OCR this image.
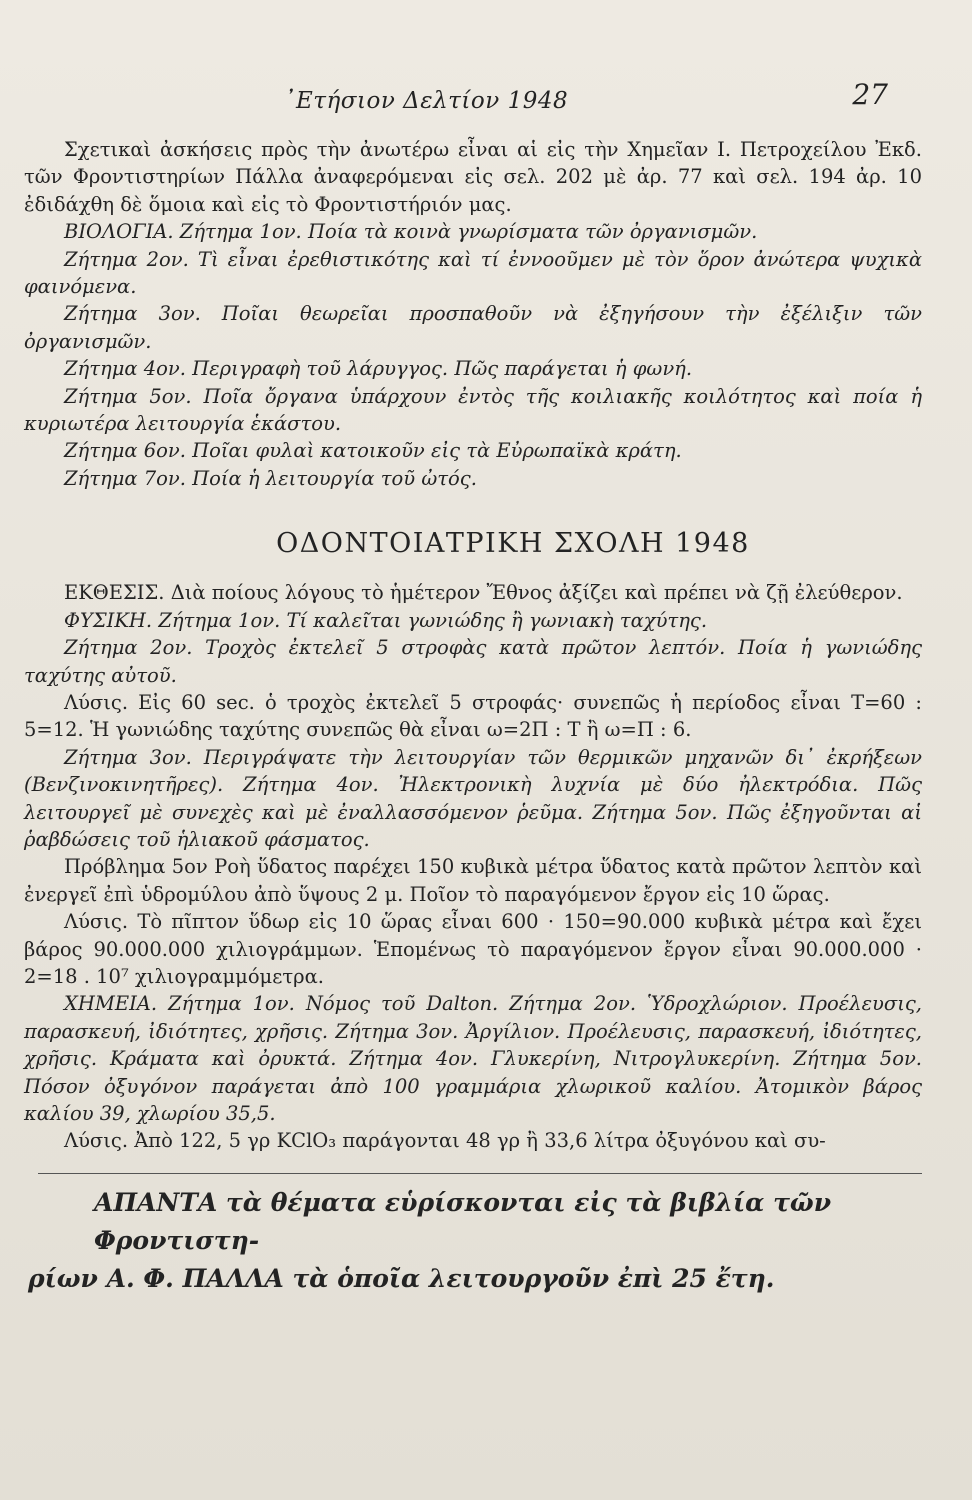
᾿Ετήσιον Δελτίον 1948	27

Σχετικαὶ ἀσκήσεις πρὸς τὴν ἀνωτέρω εἶναι αἱ εἰς τὴν Χημεῖαν Ι. Πετροχείλου Ἐκδ. τῶν Φροντιστηρίων Πάλλα ἀναφερόμεναι εἰς σελ. 202 μὲ ἀρ. 77 καὶ σελ. 194 ἀρ. 10 ἐδιδάχθη δὲ ὅμοια καὶ εἰς τὸ Φροντιστήριόν μας.

ΒΙΟΛΟΓΙΑ. Ζήτημα 1ον. Ποία τὰ κοινὰ γνωρίσματα τῶν ὀργανισμῶν.

Ζήτημα 2ον. Τὶ εἶναι ἐρεθιστικότης καὶ τί ἐννοοῦμεν μὲ τὸν ὅρον ἀνώτερα ψυχικὰ φαινόμενα.

Ζήτημα 3ον. Ποῖαι θεωρεῖαι προσπαθοῦν νὰ ἐξηγήσουν τὴν ἐξέλιξιν τῶν ὀργανισμῶν.

Ζήτημα 4ον. Περιγραφὴ τοῦ λάρυγγος. Πῶς παράγεται ἡ φωνή.

Ζήτημα 5ον. Ποῖα ὄργανα ὑπάρχουν ἐντὸς τῆς κοιλιακῆς κοιλότητος καὶ ποία ἡ κυριωτέρα λειτουργία ἑκάστου.

Ζήτημα 6ον. Ποῖαι φυλαὶ κατοικοῦν εἰς τὰ Εὐρωπαϊκὰ κράτη.

Ζήτημα 7ον. Ποία ἡ λειτουργία τοῦ ὠτός.

ΟΔΟΝΤΟΙΑΤΡΙΚΗ ΣΧΟΛΗ 1948

ΕΚΘΕΣΙΣ. Διὰ ποίους λόγους τὸ ἡμέτερον Ἔθνος ἀξίζει καὶ πρέπει νὰ ζῇ ἐλεύθερον.

ΦΥΣΙΚΗ. Ζήτημα 1ον. Τί καλεῖται γωνιώδης ἢ γωνιακὴ ταχύτης.

Ζήτημα 2ον. Τροχὸς ἐκτελεῖ 5 στροφὰς κατὰ πρῶτον λεπτόν. Ποία ἡ γωνιώδης ταχύτης αὐτοῦ.

Λύσις. Εἰς 60 sec. ὁ τροχὸς ἐκτελεῖ 5 στροφάς· συνεπῶς ἡ περίοδος εἶναι Τ=60 : 5=12. Ἡ γωνιώδης ταχύτης συνεπῶς θὰ εἶναι ω=2Π : Τ ἢ ω=Π : 6.

Ζήτημα 3ον. Περιγράψατε τὴν λειτουργίαν τῶν θερμικῶν μηχανῶν δι᾿ ἐκρήξεων (Βενζινοκινητῆρες). Ζήτημα 4ον. Ἠλεκτρονικὴ λυχνία μὲ δύο ἠλεκτρόδια. Πῶς λειτουργεῖ μὲ συνεχὲς καὶ μὲ ἐναλλασσόμενον ῥεῦμα. Ζήτημα 5ον. Πῶς ἐξηγοῦνται αἱ ῥαβδώσεις τοῦ ἡλιακοῦ φάσματος.

Πρόβλημα 5ον Ροὴ ὕδατος παρέχει 150 κυβικὰ μέτρα ὕδατος κατὰ πρῶτον λεπτὸν καὶ ἐνεργεῖ ἐπὶ ὑδρομύλου ἀπὸ ὕψους 2 μ. Ποῖον τὸ παραγόμενον ἔργον εἰς 10 ὥρας.

Λύσις. Τὸ πῖπτον ὕδωρ εἰς 10 ὥρας εἶναι 600 · 150=90.000 κυβικὰ μέτρα καὶ ἔχει βάρος 90.000.000 χιλιογράμμων. Ἑπομένως τὸ παραγόμενον ἔργον εἶναι 90.000.000 · 2=18 . 10⁷ χιλιογραμμόμετρα.

ΧΗΜΕΙΑ. Ζήτημα 1ον. Νόμος τοῦ Dalton. Ζήτημα 2ον. Ὑδροχλώριον. Προέλευσις, παρασκευή, ἰδιότητες, χρῆσις. Ζήτημα 3ον. Ἀργίλιον. Προέλευσις, παρασκευή, ἰδιότητες, χρῆσις. Κράματα καὶ ὀρυκτά. Ζήτημα 4ον. Γλυκερίνη, Νιτρογλυκερίνη. Ζήτημα 5ον. Πόσον ὀξυγόνον παράγεται ἀπὸ 100 γραμμάρια χλωρικοῦ καλίου. Ἀτομικὸν βάρος καλίου 39, χλωρίου 35,5.

Λύσις. Ἀπὸ 122, 5 γρ ΚClO₃ παράγονται 48 γρ ἢ 33,6 λίτρα ὀξυγόνου καὶ συ-

ΑΠΑΝΤΑ τὰ θέματα εὑρίσκονται εἰς τὰ βιβλία τῶν Φροντιστη-

ρίων Α. Φ. ΠΑΛΛΑ τὰ ὁποῖα λειτουργοῦν ἐπὶ 25 ἔτη.
